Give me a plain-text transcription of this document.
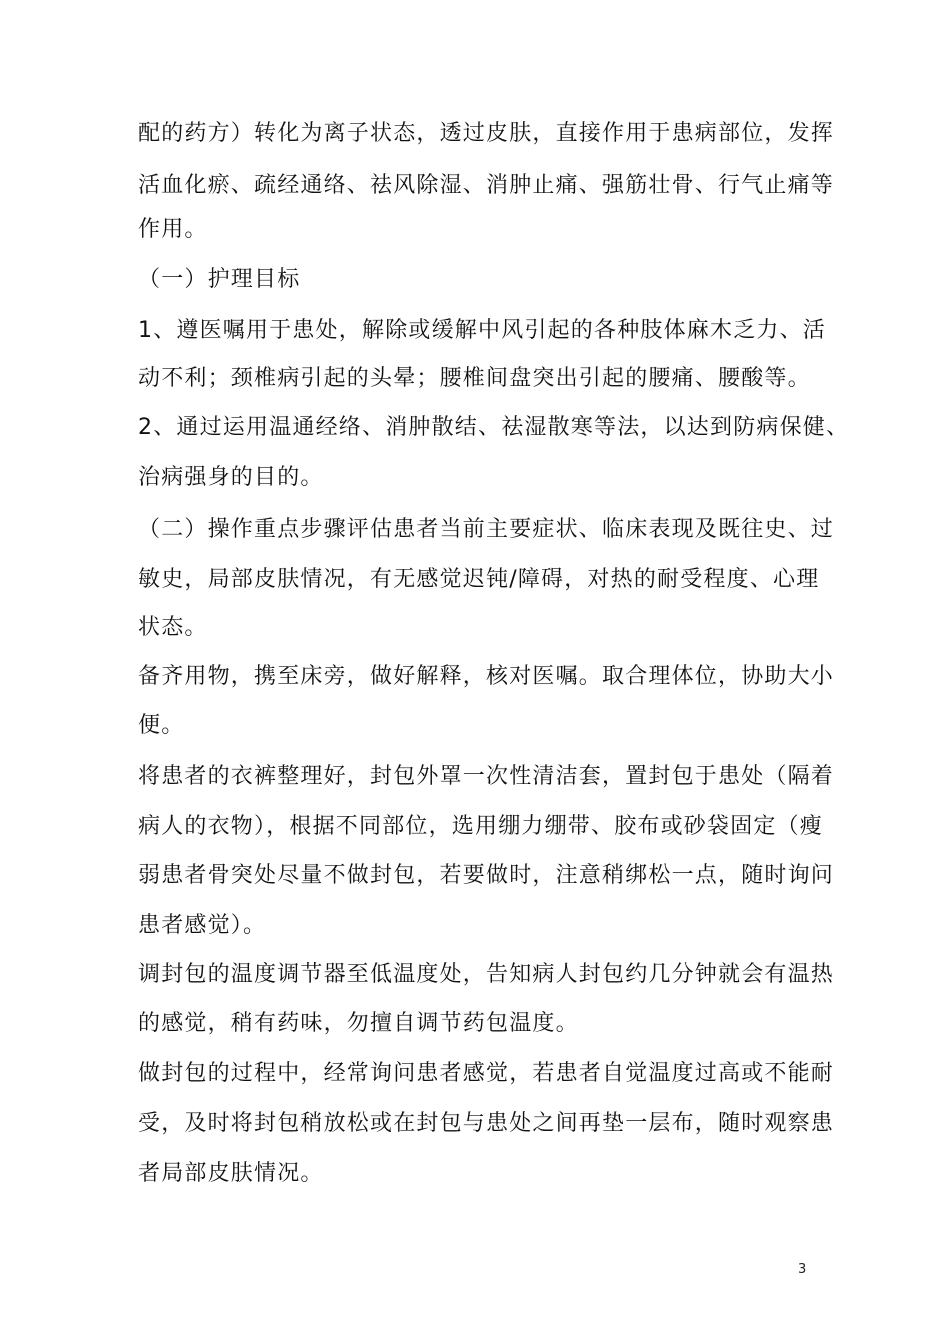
配的药方）转化为离子状态，透过皮肤，直接作用于患病部位，发挥
活血化瘀、疏经通络、祛风除湿、消肿止痛、强筋壮骨、行气止痛等
作用。
（一）护理目标
1、遵医嘱用于患处，解除或缓解中风引起的各种肢体麻木乏力、活
动不利；颈椎病引起的头晕；腰椎间盘突出引起的腰痛、腰酸等。
2、通过运用温通经络、消肿散结、祛湿散寒等法，以达到防病保健、
治病强身的目的。
（二）操作重点步骤评估患者当前主要症状、临床表现及既往史、过
敏史，局部皮肤情况，有无感觉迟钝/障碍，对热的耐受程度、心理
状态。
备齐用物，携至床旁，做好解释，核对医嘱。取合理体位，协助大小
便。
将患者的衣裤整理好，封包外罩一次性清洁套，置封包于患处（隔着
病人的衣物），根据不同部位，选用绷力绷带、胶布或砂袋固定（瘦
弱患者骨突处尽量不做封包，若要做时，注意稍绑松一点，随时询问
患者感觉）。
调封包的温度调节器至低温度处，告知病人封包约几分钟就会有温热
的感觉，稍有药味，勿擅自调节药包温度。
做封包的过程中，经常询问患者感觉，若患者自觉温度过高或不能耐
受，及时将封包稍放松或在封包与患处之间再垫一层布，随时观察患
者局部皮肤情况。
3
